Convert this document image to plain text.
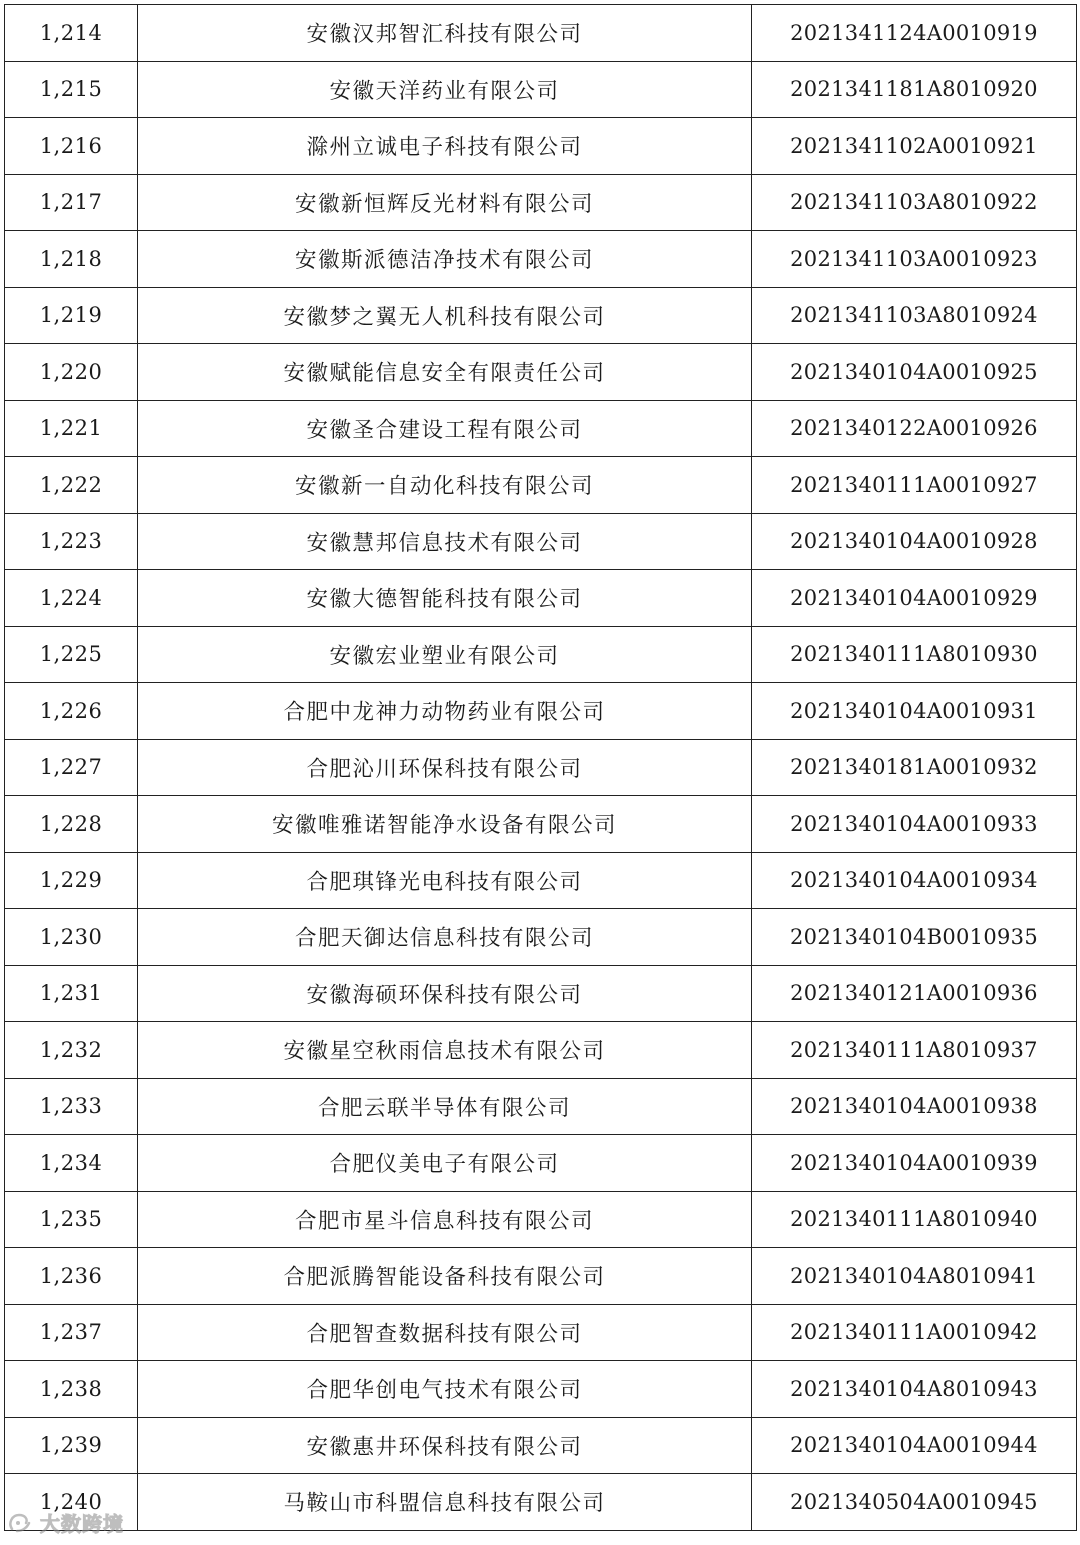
1,214	安徽汉邦智汇科技有限公司	2021341124A0010919
1,215	安徽天洋药业有限公司	2021341181A8010920
1,216	滁州立诚电子科技有限公司	2021341102A0010921
1,217	安徽新恒辉反光材料有限公司	2021341103A8010922
1,218	安徽斯派德洁净技术有限公司	2021341103A0010923
1,219	安徽梦之翼无人机科技有限公司	2021341103A8010924
1,220	安徽赋能信息安全有限责任公司	2021340104A0010925
1,221	安徽圣合建设工程有限公司	2021340122A0010926
1,222	安徽新一自动化科技有限公司	2021340111A0010927
1,223	安徽慧邦信息技术有限公司	2021340104A0010928
1,224	安徽大德智能科技有限公司	2021340104A0010929
1,225	安徽宏业塑业有限公司	2021340111A8010930
1,226	合肥中龙神力动物药业有限公司	2021340104A0010931
1,227	合肥沁川环保科技有限公司	2021340181A0010932
1,228	安徽唯雅诺智能净水设备有限公司	2021340104A0010933
1,229	合肥琪锋光电科技有限公司	2021340104A0010934
1,230	合肥天御达信息科技有限公司	2021340104B0010935
1,231	安徽海硕环保科技有限公司	2021340121A0010936
1,232	安徽星空秋雨信息技术有限公司	2021340111A8010937
1,233	合肥云联半导体有限公司	2021340104A0010938
1,234	合肥仪美电子有限公司	2021340104A0010939
1,235	合肥市星斗信息科技有限公司	2021340111A8010940
1,236	合肥派腾智能设备科技有限公司	2021340104A8010941
1,237	合肥智查数据科技有限公司	2021340111A0010942
1,238	合肥华创电气技术有限公司	2021340104A8010943
1,239	安徽惠井环保科技有限公司	2021340104A0010944
1,240	马鞍山市科盟信息科技有限公司	2021340504A0010945
大数跨境
